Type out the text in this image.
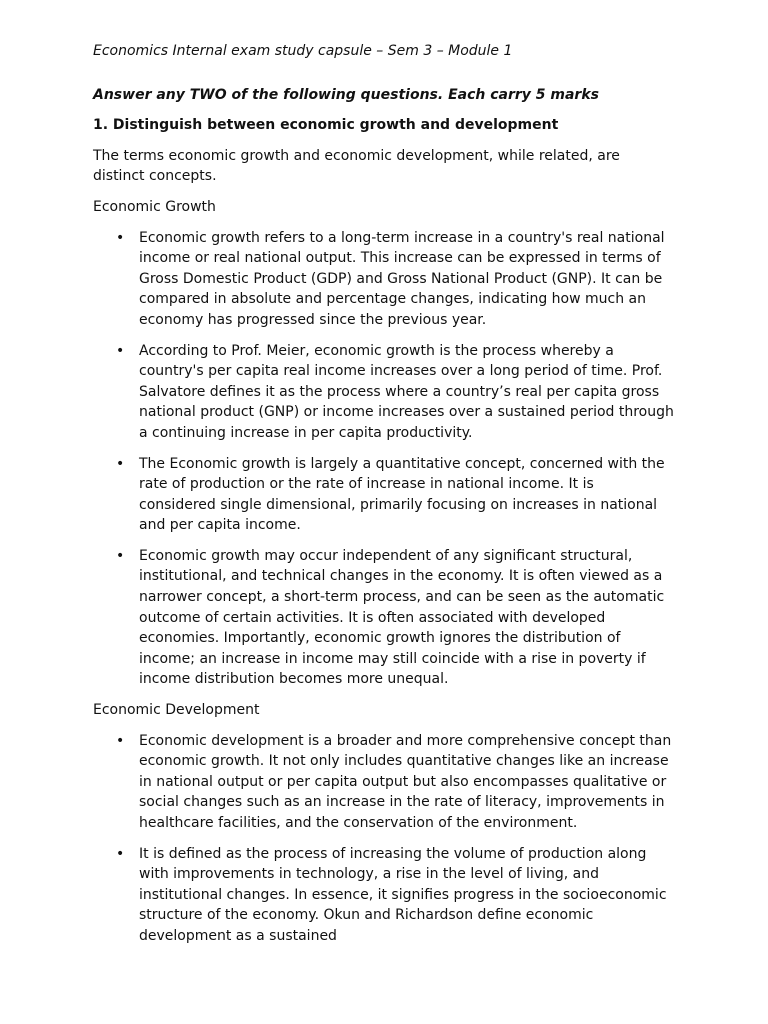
Economics Internal exam study capsule – Sem 3 – Module 1

Answer any TWO of the following questions. Each carry 5 marks

1. Distinguish between economic growth and development

The terms economic growth and economic development, while related, are distinct concepts.

Economic Growth

• Economic growth refers to a long-term increase in a country's real national income or real national output. This increase can be expressed in terms of Gross Domestic Product (GDP) and Gross National Product (GNP). It can be compared in absolute and percentage changes, indicating how much an economy has progressed since the previous year.
• According to Prof. Meier, economic growth is the process whereby a country's per capita real income increases over a long period of time. Prof. Salvatore defines it as the process where a country’s real per capita gross national product (GNP) or income increases over a sustained period through a continuing increase in per capita productivity.
• The Economic growth is largely a quantitative concept, concerned with the rate of production or the rate of increase in national income. It is considered single dimensional, primarily focusing on increases in national and per capita income.
• Economic growth may occur independent of any significant structural, institutional, and technical changes in the economy. It is often viewed as a narrower concept, a short-term process, and can be seen as the automatic outcome of certain activities. It is often associated with developed economies. Importantly, economic growth ignores the distribution of income; an increase in income may still coincide with a rise in poverty if income distribution becomes more unequal.

Economic Development

• Economic development is a broader and more comprehensive concept than economic growth. It not only includes quantitative changes like an increase in national output or per capita output but also encompasses qualitative or social changes such as an increase in the rate of literacy, improvements in healthcare facilities, and the conservation of the environment.
• It is defined as the process of increasing the volume of production along with improvements in technology, a rise in the level of living, and institutional changes. In essence, it signifies progress in the socioeconomic structure of the economy. Okun and Richardson define economic development as a sustained
